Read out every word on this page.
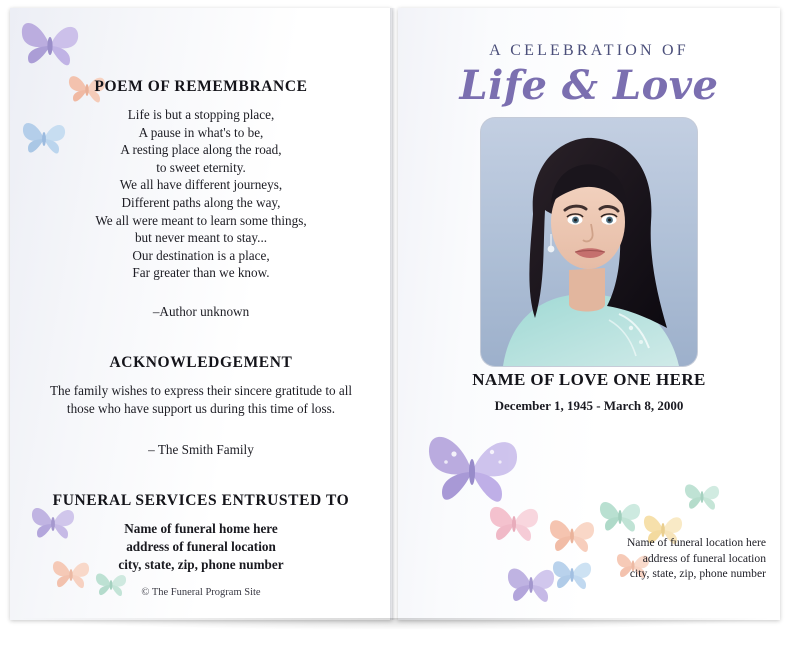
POEM OF REMEMBRANCE
Life is but a stopping place,
A pause in what's to be,
A resting place along the road,
to sweet eternity.
We all have different journeys,
Different paths along the way,
We all were meant to learn some things,
but never meant to stay...
Our destination is a place,
Far greater than we know.
–Author unknown
ACKNOWLEDGEMENT
The family wishes to express their sincere gratitude to all those who have support us during this time of loss.
– The Smith Family
FUNERAL SERVICES ENTRUSTED TO
Name of funeral home here
address of funeral location
city, state, zip, phone number
© The Funeral Program Site
A CELEBRATION OF
Life & Love
NAME OF LOVE ONE HERE
December 1, 1945 - March 8, 2000
Name of funeral location here
address of funeral location
city, state, zip, phone number
